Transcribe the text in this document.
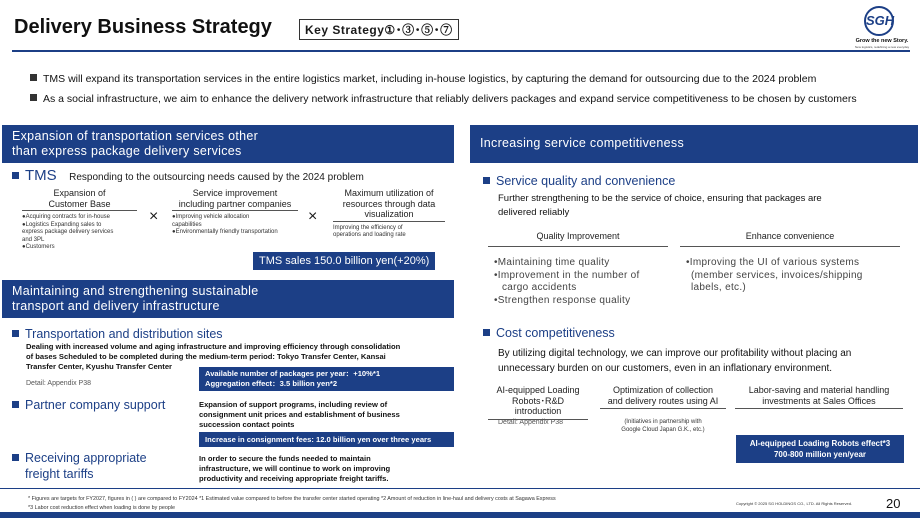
Delivery Business Strategy	Key Strategy①･③･⑤･⑦
SGH
Grow the new Story.
New logistics, redefining a new everyday
TMS will expand its transportation services in the entire logistics market, including in-house logistics, by capturing the demand for outsourcing due to the 2024 problem
As a social infrastructure, we aim to enhance the delivery network infrastructure that reliably delivers packages and expand service competitiveness to be chosen by customers
Expansion of transportation services other
than express package delivery services
TMS Responding to the outsourcing needs caused by the 2024 problem
Expansion of
Customer Base
●Acquiring contracts for in-house
●Logistics Expanding sales to
express package delivery services
and 3PL
●Customers
×
Service improvement
including partner companies
●Improving vehicle allocation
capabilities
●Environmentally friendly transportation
×
Maximum utilization of
resources through data
visualization
Improving the efficiency of
operations and loading rate
TMS sales 150.0 billion yen(+20%)
Maintaining and strengthening sustainable
transport and delivery infrastructure
Transportation and distribution sites
Dealing with increased volume and aging infrastructure and improving efficiency through consolidation
of bases Scheduled to be completed during the medium-term period: Tokyo Transfer Center, Kansai
Transfer Center, Kyushu Transfer Center
Detail: Appendix P38
Available number of packages per year：+10%*1
Aggregation effect：3.5 billion yen*2
Partner company support	Expansion of support programs, including review of
consignment unit prices and establishment of business
succession contact points
Increase in consignment fees: 12.0 billion yen over three years
Receiving appropriate
freight tariffs
In order to secure the funds needed to maintain
infrastructure, we will continue to work on improving
productivity and receiving appropriate freight tariffs.
Increasing service competitiveness
Service quality and convenience
Further strengthening to be the service of choice, ensuring that packages are
delivered reliably
Quality Improvement
•Maintaining time quality
•Improvement in the number of
cargo accidents
•Strengthen response quality
Enhance convenience
•Improving the UI of various systems
(member services, invoices/shipping
labels, etc.)
Cost competitiveness
By utilizing digital technology, we can improve our profitability without placing an
unnecessary burden on our customers, even in an inflationary environment.
AI-equipped Loading
Robots･R&D introduction
Optimization of collection
and delivery routes using AI
Labor-saving and material handling
investments at Sales Offices
Detail: Appendix P38	(Initiatives in partnership with
Google Cloud Japan G.K., etc.)
AI-equipped Loading Robots effect*3
700-800 million yen/year
* Figures are targets for FY2027, figures in ( ) are compared to FY2024 *1 Estimated value compared to before the transfer center started operating *2 Amount of reduction in line-haul and delivery costs at Sagawa Express
*3 Labor cost reduction effect when loading is done by people
Copyright © 2025 SG HOLDINGS CO., LTD. All Rights Reserved.	20
